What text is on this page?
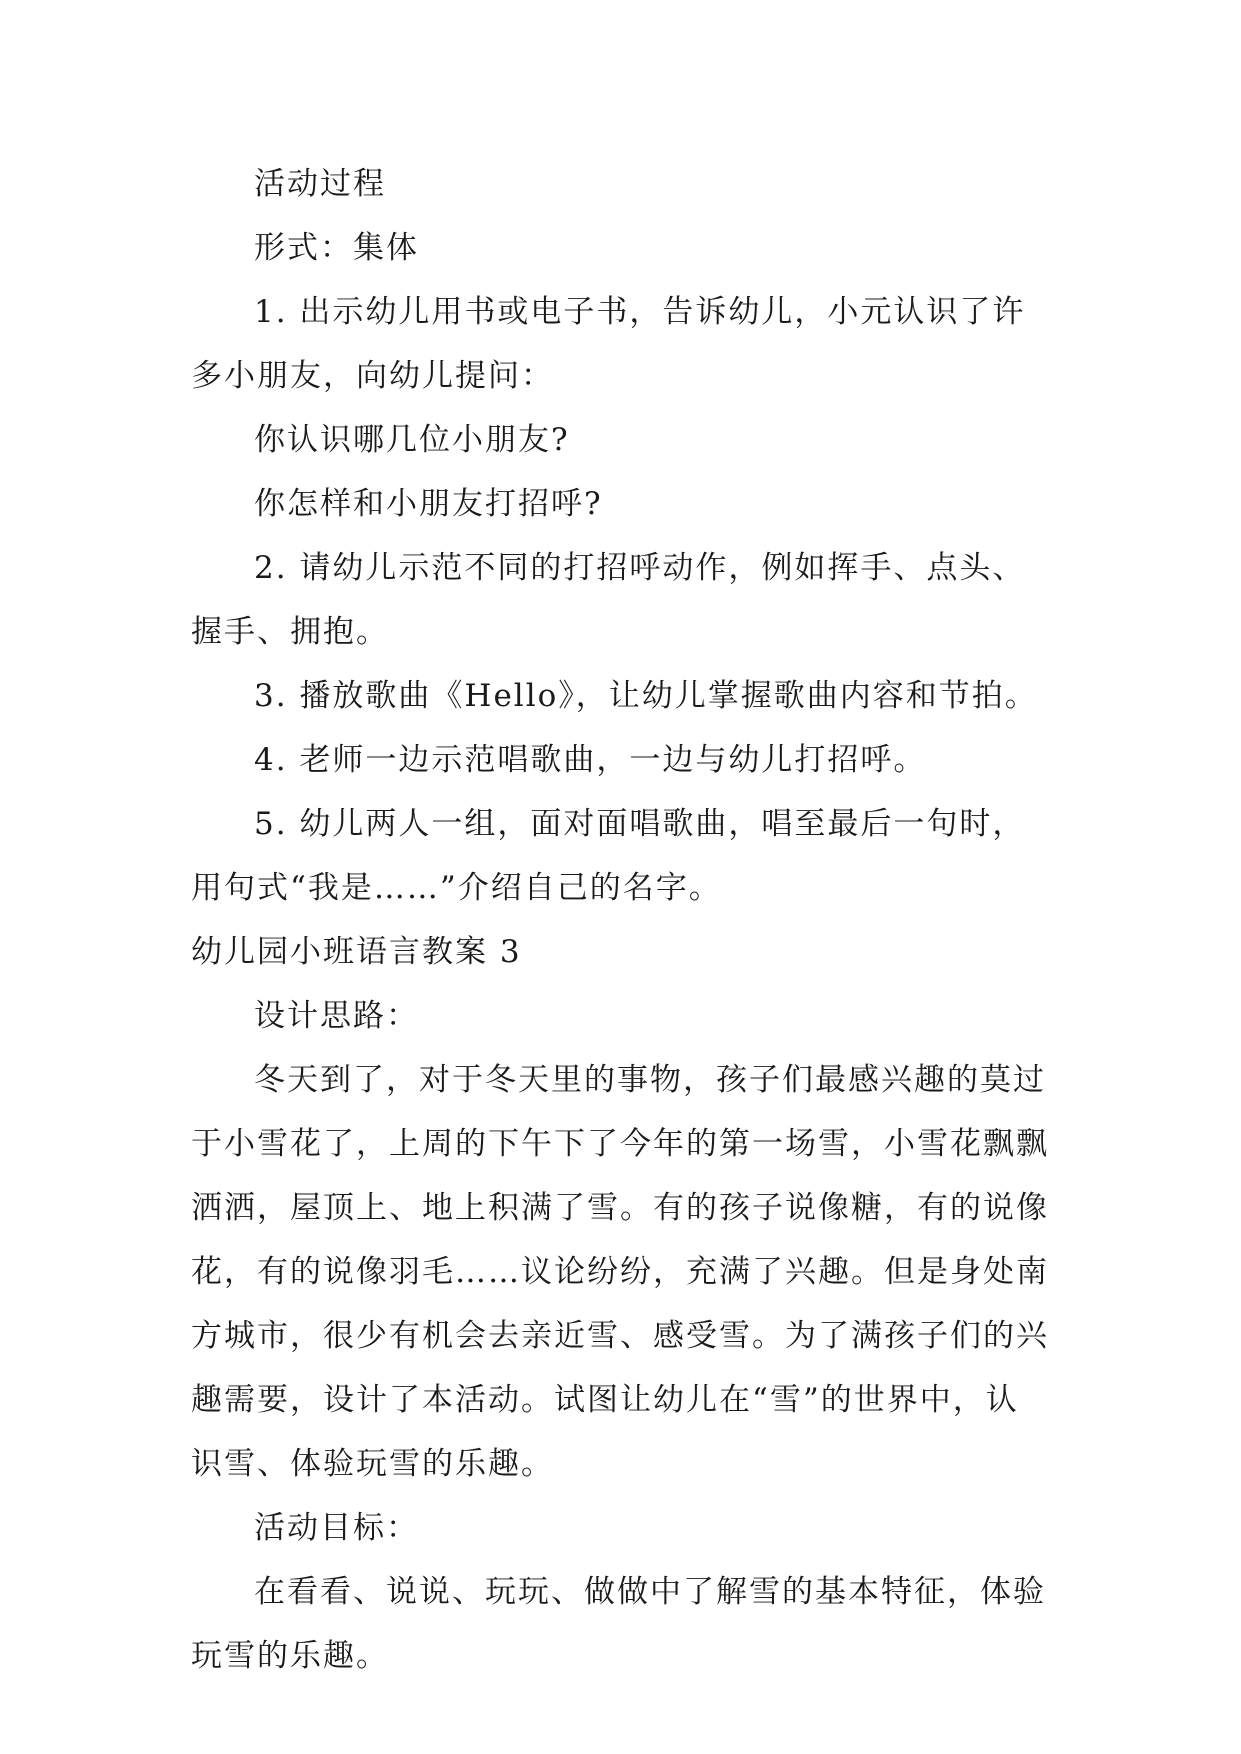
活动过程

形式：集体

1. 出示幼儿用书或电子书，告诉幼儿，小元认识了许

多小朋友，向幼儿提问：

你认识哪几位小朋友?

你怎样和小朋友打招呼?

2. 请幼儿示范不同的打招呼动作，例如挥手、点头、

握手、拥抱。

3. 播放歌曲《Hello》，让幼儿掌握歌曲内容和节拍。

4. 老师一边示范唱歌曲，一边与幼儿打招呼。

5. 幼儿两人一组，面对面唱歌曲，唱至最后一句时，

用句式“我是……”介绍自己的名字。

幼儿园小班语言教案 3

设计思路：

冬天到了，对于冬天里的事物，孩子们最感兴趣的莫过

于小雪花了，上周的下午下了今年的第一场雪，小雪花飘飘

洒洒，屋顶上、地上积满了雪。有的孩子说像糖，有的说像

花，有的说像羽毛……议论纷纷，充满了兴趣。但是身处南

方城市，很少有机会去亲近雪、感受雪。为了满孩子们的兴

趣需要，设计了本活动。试图让幼儿在“雪”的世界中，认

识雪、体验玩雪的乐趣。

活动目标：

在看看、说说、玩玩、做做中了解雪的基本特征，体验

玩雪的乐趣。
